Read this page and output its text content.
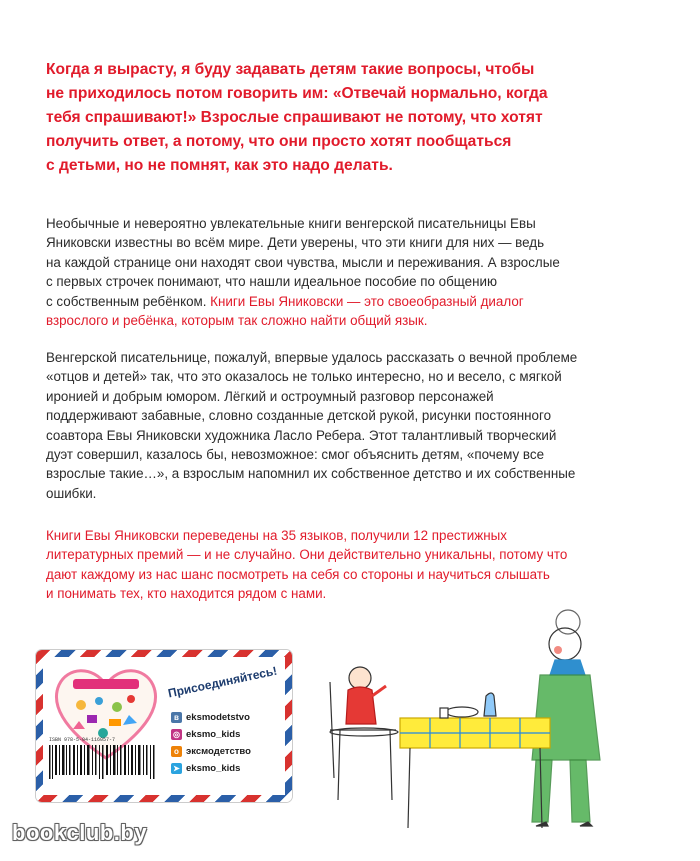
Когда я вырасту, я буду задавать детям такие вопросы, чтобы
не приходилось потом говорить им: «Отвечай нормально, когда
тебя спрашивают!» Взрослые спрашивают не потому, что хотят
получить ответ, а потому, что они просто хотят пообщаться
с детьми, но не помнят, как это надо делать.

Необычные и невероятно увлекательные книги венгерской писательницы Евы
Яниковски известны во всём мире. Дети уверены, что эти книги для них — ведь
на каждой странице они находят свои чувства, мысли и переживания. А взрослые
с первых строчек понимают, что нашли идеальное пособие по общению
с собственным ребёнком. Книги Евы Яниковски — это своеобразный диалог
взрослого и ребёнка, которым так сложно найти общий язык.

Венгерской писательнице, пожалуй, впервые удалось рассказать о вечной проблеме
«отцов и детей» так, что это оказалось не только интересно, но и весело, с мягкой
иронией и добрым юмором. Лёгкий и остроумный разговор персонажей
поддерживают забавные, словно созданные детской рукой, рисунки постоянного
соавтора Евы Яниковски художника Ласло Ребера. Этот талантливый творческий
дуэт совершил, казалось бы, невозможное: смог объяснить детям, «почему все
взрослые такие…», а взрослым напомнил их собственное детство и их собственные
ошибки.

Книги Евы Яниковски переведены на 35 языков, получили 12 престижных
литературных премий — и не случайно. Они действительно уникальны, потому что
дают каждому из нас шанс посмотреть на себя со стороны и научиться слышать
и понимать тех, кто находится рядом с нами.

Присоединяйтесь!
в eksmodetstvo
◎ eksmo_kids
о эксмодетство
➤ eksmo_kids
ISBN 978-5-04-116057-7
bookclub.by
